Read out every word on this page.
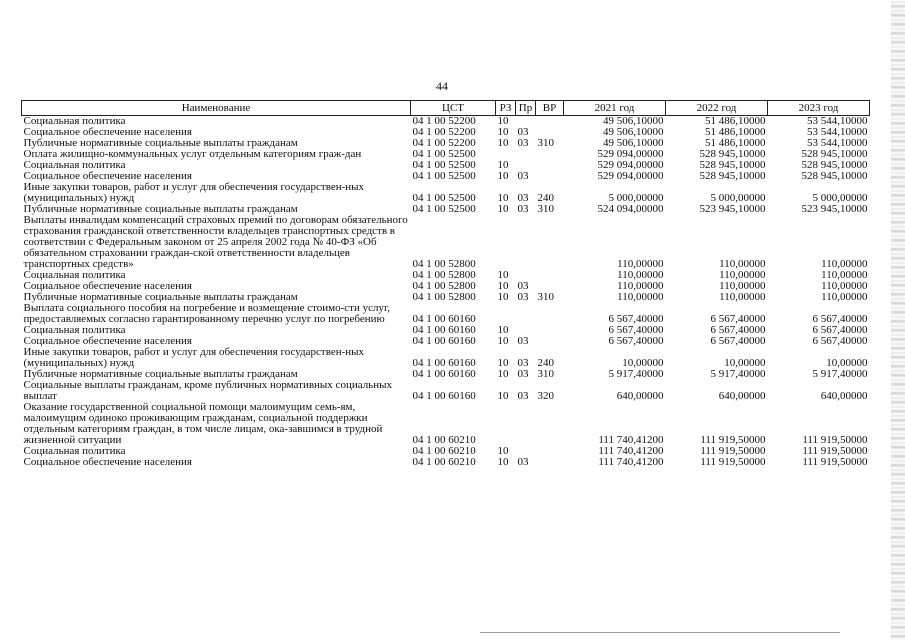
44
Наименование	ЦСТ	РЗ	Пр	ВР	2021 год	2022 год	2023 год
Социальная политика	04 1 00 52200	10			49 506,10000	51 486,10000	53 544,10000
Социальное обеспечение населения	04 1 00 52200	10	03		49 506,10000	51 486,10000	53 544,10000
Публичные нормативные социальные выплаты гражданам	04 1 00 52200	10	03	310	49 506,10000	51 486,10000	53 544,10000
Оплата жилищно-коммунальных услуг отдельным категориям граж-дан	04 1 00 52500				529 094,00000	528 945,10000	528 945,10000
Социальная политика	04 1 00 52500	10			529 094,00000	528 945,10000	528 945,10000
Социальное обеспечение населения	04 1 00 52500	10	03		529 094,00000	528 945,10000	528 945,10000
Иные закупки товаров, работ и услуг для обеспечения государствен-ных (муниципальных) нужд	04 1 00 52500	10	03	240	5 000,00000	5 000,00000	5 000,00000
Публичные нормативные социальные выплаты гражданам	04 1 00 52500	10	03	310	524 094,00000	523 945,10000	523 945,10000
Выплаты инвалидам компенсаций страховых премий по договорам обязательного страхования гражданской ответственности владельцев транспортных средств в соответствии с Федеральным законом от 25 апреля 2002 года № 40-ФЗ «Об обязательном страховании граждан-ской ответственности владельцев транспортных средств»	04 1 00 52800				110,00000	110,00000	110,00000
Социальная политика	04 1 00 52800	10			110,00000	110,00000	110,00000
Социальное обеспечение населения	04 1 00 52800	10	03		110,00000	110,00000	110,00000
Публичные нормативные социальные выплаты гражданам	04 1 00 52800	10	03	310	110,00000	110,00000	110,00000
Выплата социального пособия на погребение и возмещение стоимо-сти услуг, предоставляемых согласно гарантированному перечню услуг по погребению	04 1 00 60160				6 567,40000	6 567,40000	6 567,40000
Социальная политика	04 1 00 60160	10			6 567,40000	6 567,40000	6 567,40000
Социальное обеспечение населения	04 1 00 60160	10	03		6 567,40000	6 567,40000	6 567,40000
Иные закупки товаров, работ и услуг для обеспечения государствен-ных (муниципальных) нужд	04 1 00 60160	10	03	240	10,00000	10,00000	10,00000
Публичные нормативные социальные выплаты гражданам	04 1 00 60160	10	03	310	5 917,40000	5 917,40000	5 917,40000
Социальные выплаты гражданам, кроме публичных нормативных социальных выплат	04 1 00 60160	10	03	320	640,00000	640,00000	640,00000
Оказание государственной социальной помощи малоимущим семь-ям, малоимущим одиноко проживающим гражданам, социальной поддержки отдельным категориям граждан, в том числе лицам, ока-завшимся в трудной жизненной ситуации	04 1 00 60210				111 740,41200	111 919,50000	111 919,50000
Социальная политика	04 1 00 60210	10			111 740,41200	111 919,50000	111 919,50000
Социальное обеспечение населения	04 1 00 60210	10	03		111 740,41200	111 919,50000	111 919,50000
